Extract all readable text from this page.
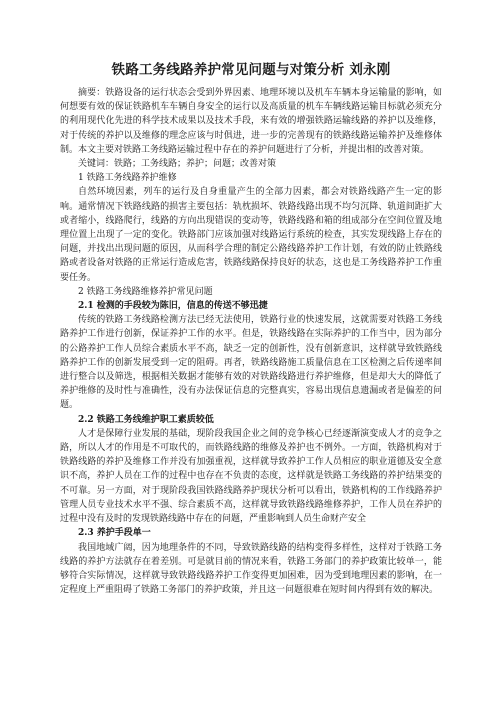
铁路工务线路养护常见问题与对策分析 刘永刚

摘要：铁路设备的运行状态会受到外界因素、地理环境以及机车车辆本身运输量的影响，如何想要有效的保证铁路机车车辆自身安全的运行以及高质量的机车车辆线路运输目标就必须充分的利用现代化先进的科学技术成果以及技术手段，来有效的增强铁路运输线路的养护以及维修，对于传统的养护以及维修的理念应该与时俱进，进一步的完善现有的铁路线路运输养护及维修体制。本文主要对铁路工务线路运输过程中存在的养护问题进行了分析，并提出相的改善对策。

关键词：铁路；工务线路；养护；问题；改善对策

1 铁路工务线路养护维修

自然环境因素，列车的运行及自身重量产生的全部力因素，都会对铁路线路产生一定的影响。通常情况下铁路线路的损害主要包括：轨枕损坏、铁路线路出现不均匀沉降、轨道间距扩大或者缩小，线路爬行，线路的方向出现错误的变动等，铁路线路和箱的组成部分在空间位置及地理位置上出现了一定的变化。铁路部门应该加强对线路运行系统的检查，其实发现线路上存在的问题，并找出出现问题的原因，从而科学合理的制定公路线路养护工作计划，有效的防止铁路线路或者设备对铁路的正常运行造成危害，铁路线路保持良好的状态，这也是工务线路养护工作重要任务。

2 铁路工务线路维修养护常见问题
2.1 检测的手段较为陈旧，信息的传送不够迅捷

传统的铁路工务线路检测方法已经无法使用，铁路行业的快速发展，这就需要对铁路工务线路养护工作进行创新，保证养护工作的水平。但是，铁路线路在实际养护的工作当中，因为部分的公路养护工作人员综合素质水平不高，缺乏一定的创新性，没有创新意识，这样就导致铁路线路养护工作的创新发展受到一定的阻碍。再者，铁路线路施工质量信息在工区检测之后传递率间进行整合以及筛选，根据相关数据才能够有效的对铁路线路进行养护维修，但是却大大的降低了养护维修的及时性与准确性，没有办法保证信息的完整真实，容易出现信息遗漏或者是偏差的问题。

2.2 铁路工务线维护职工素质较低

人才是保障行业发展的基础，现阶段我国企业之间的竞争核心已经逐渐演变成人才的竞争之路，所以人才的作用是不可取代的，而铁路线路的维修及养护也不例外。一方面，铁路机构对于铁路线路的养护及维修工作并没有加强重视，这样就导致养护工作人员相应的职业道德及安全意识不高，养护人员在工作的过程中也存在不负责的态度，这样就是铁路工务线路的养护结果变的不可靠。另一方面，对于现阶段我国铁路线路养护现状分析可以看出，铁路机构的工作线路养护管理人员专业技术水平不强、综合素质不高，这样就导致铁路线路维修养护，工作人员在养护的过程中没有及时的发现铁路线路中存在的问题，严重影响到人员生命财产安全

2.3 养护手段单一

我国地域广阔，因为地理条件的不同，导致铁路线路的结构变得多样性，这样对于铁路工务线路的养护方法就存在着差别。可是就目前的情况来看，铁路工务部门的养护政策比较单一，能够符合实际情况，这样就导致铁路线路养护工作变得更加困难，因为受到地理因素的影响，在一定程度上严重阻碍了铁路工务部门的养护政策，并且这一问题很难在短时间内得到有效的解决。
